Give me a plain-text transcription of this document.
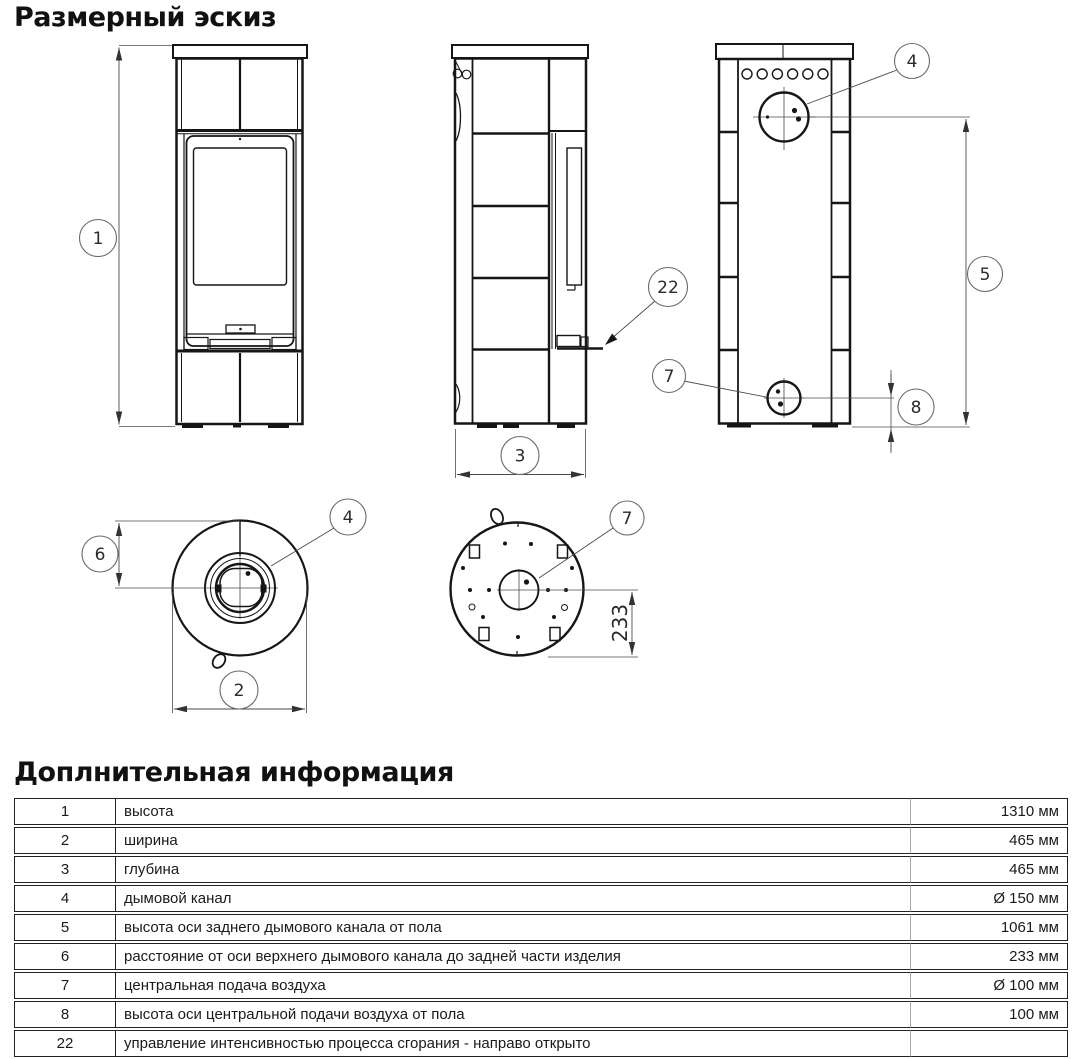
Размерный эскиз
1
3
22
4
5
7
8
4
6
2
7
233
Доплнительная информация
1	высота	1310 мм
2	ширина	465 мм
3	глубина	465 мм
4	дымовой канал	Ø 150 мм
5	высота оси заднего дымового канала от пола	1061 мм
6	расстояние от оси верхнего дымового канала до задней части изделия	233 мм
7	центральная подача воздуха	Ø 100 мм
8	высота оси центральной подачи воздуха от пола	100 мм
22	управление интенсивностью процесса сгорания - направо открыто	
